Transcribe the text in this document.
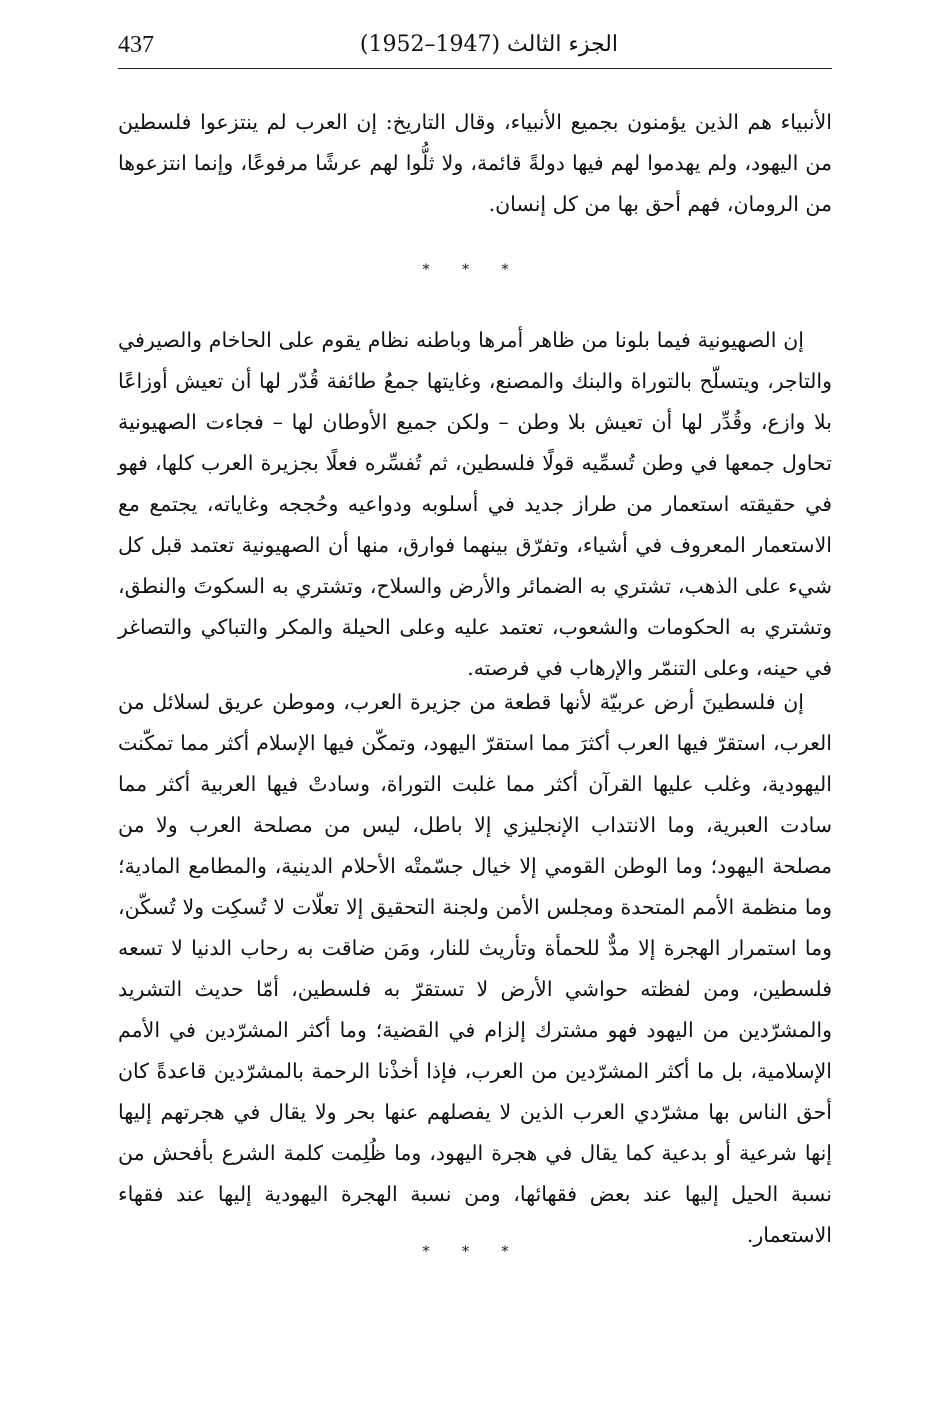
437	الجزء الثالث (1947–1952)

الأنبياء هم الذين يؤمنون بجميع الأنبياء، وقال التاريخ: إن العرب لم ينتزعوا فلسطين من اليهود، ولم يهدموا لهم فيها دولةً قائمة، ولا ثلُّوا لهم عرشًا مرفوعًا، وإنما انتزعوها من الرومان، فهم أحق بها من كل إنسان.

* * *

إن الصهيونية فيما بلونا من ظاهر أمرها وباطنه نظام يقوم على الحاخام والصيرفي والتاجر، ويتسلّح بالتوراة والبنك والمصنع، وغايتها جمعُ طائفة قُدّر لها أن تعيش أوزاعًا بلا وازع، وقُدِّر لها أن تعيش بلا وطن – ولكن جميع الأوطان لها – فجاءت الصهيونية تحاول جمعها في وطن تُسمِّيه قولًا فلسطين، ثم تُفسِّره فعلًا بجزيرة العرب كلها، فهو في حقيقته استعمار من طراز جديد في أسلوبه ودواعيه وحُججه وغاياته، يجتمع مع الاستعمار المعروف في أشياء، وتفرّق بينهما فوارق، منها أن الصهيونية تعتمد قبل كل شيء على الذهب، تشتري به الضمائر والأرض والسلاح، وتشتري به السكوتَ والنطق، وتشتري به الحكومات والشعوب، تعتمد عليه وعلى الحيلة والمكر والتباكي والتصاغر في حينه، وعلى التنمّر والإرهاب في فرصته.

إن فلسطينَ أرض عربيّة لأنها قطعة من جزيرة العرب، وموطن عريق لسلائل من العرب، استقرّ فيها العرب أكثرَ مما استقرّ اليهود، وتمكّن فيها الإسلام أكثر مما تمكّنت اليهودية، وغلب عليها القرآن أكثر مما غلبت التوراة، وسادتْ فيها العربية أكثر مما سادت العبرية، وما الانتداب الإنجليزي إلا باطل، ليس من مصلحة العرب ولا من مصلحة اليهود؛ وما الوطن القومي إلا خيال جسّمتْه الأحلام الدينية، والمطامع المادية؛ وما منظمة الأمم المتحدة ومجلس الأمن ولجنة التحقيق إلا تعلّات لا تُسكِت ولا تُسكّن، وما استمرار الهجرة إلا مدٌّ للحمأة وتأريث للنار، ومَن ضاقت به رحاب الدنيا لا تسعه فلسطين، ومن لفظته حواشي الأرض لا تستقرّ به فلسطين، أمّا حديث التشريد والمشرّدين من اليهود فهو مشترك إلزام في القضية؛ وما أكثر المشرّدين في الأمم الإسلامية، بل ما أكثر المشرّدين من العرب، فإذا أخذْنا الرحمة بالمشرّدين قاعدةً كان أحق الناس بها مشرّدي العرب الذين لا يفصلهم عنها بحر ولا يقال في هجرتهم إليها إنها شرعية أو بدعية كما يقال في هجرة اليهود، وما ظُلِمت كلمة الشرع بأفحش من نسبة الحيل إليها عند بعض فقهائها، ومن نسبة الهجرة اليهودية إليها عند فقهاء الاستعمار.

* * *
